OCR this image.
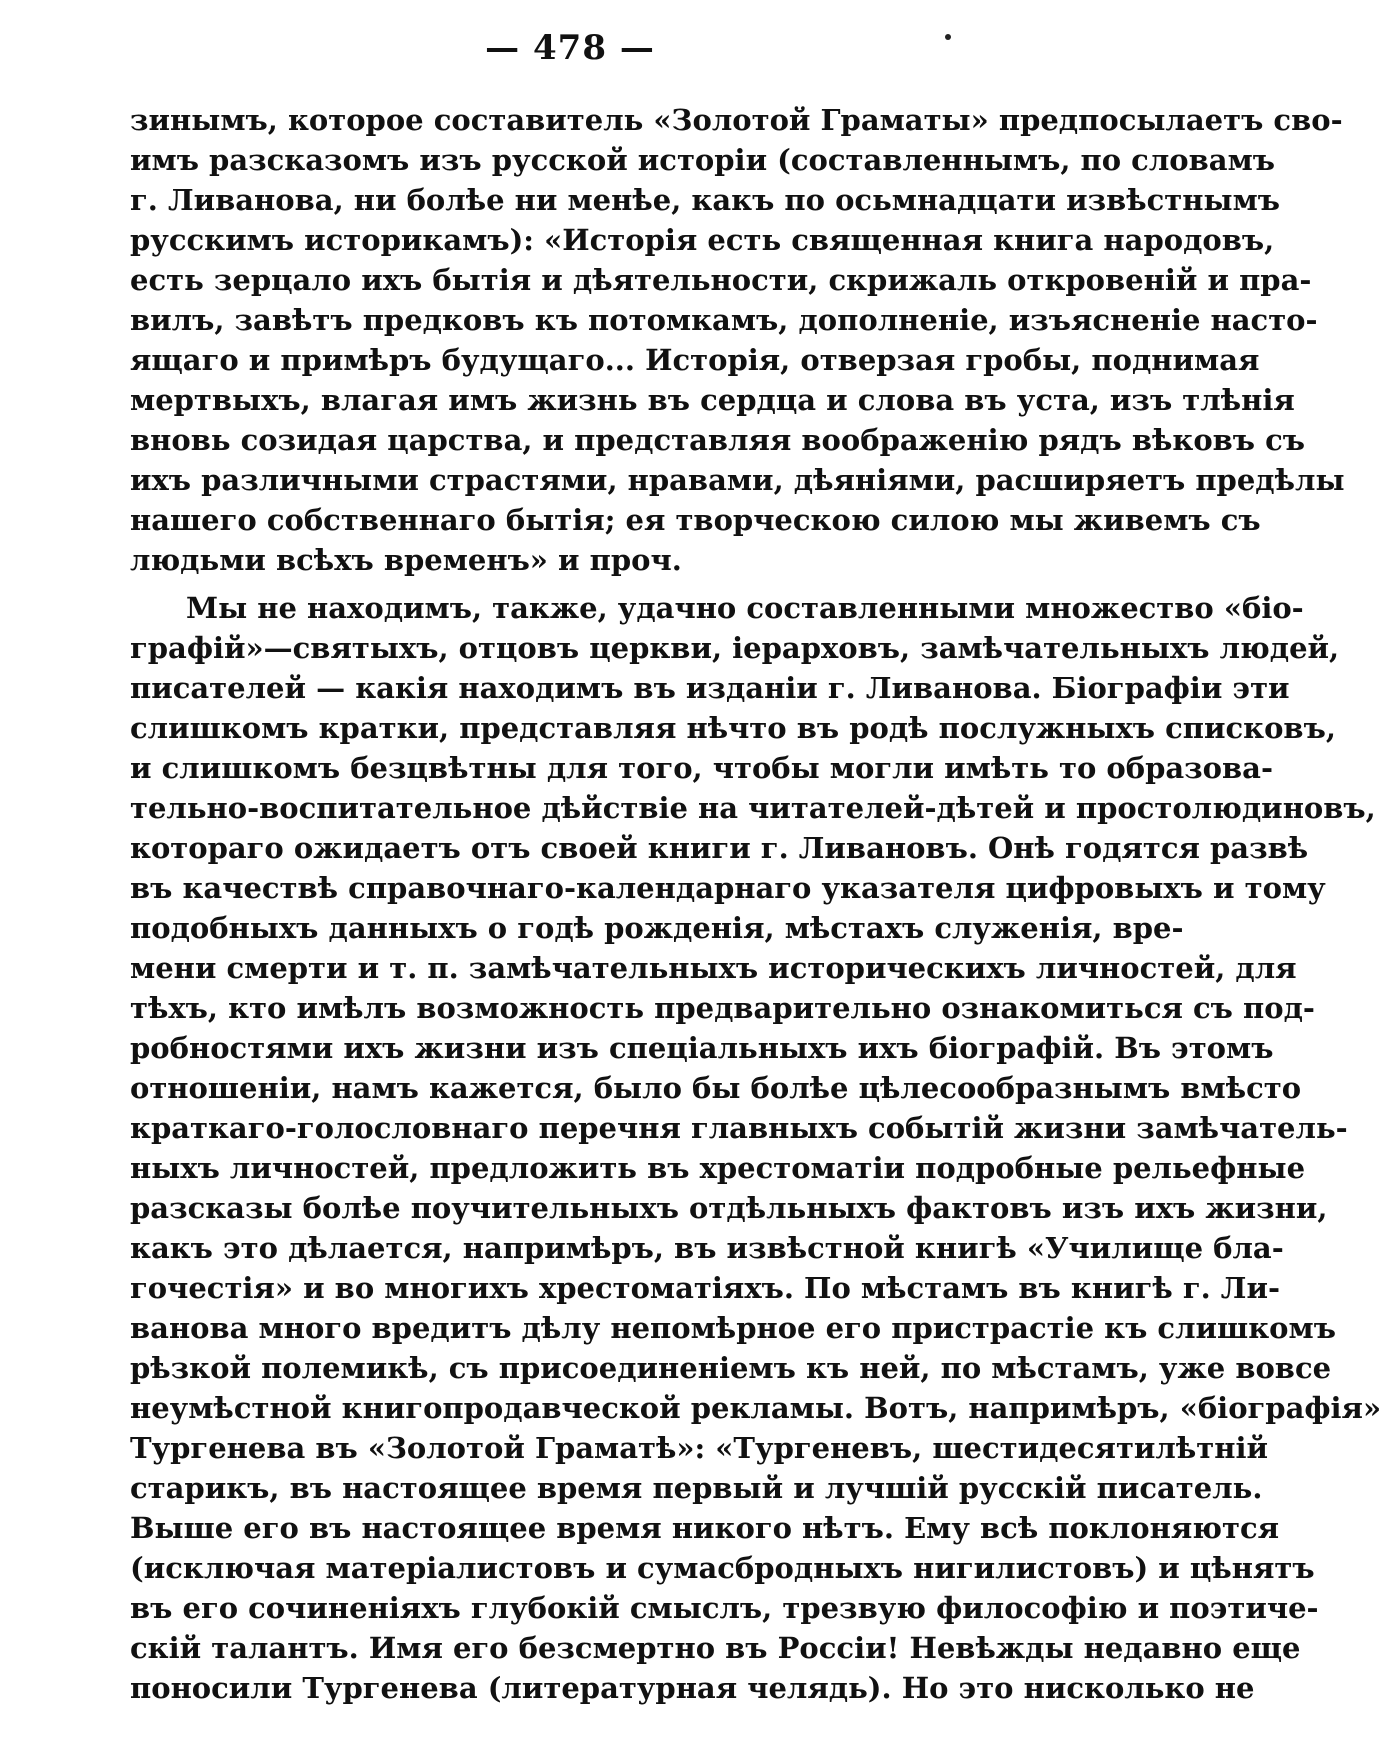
— 478 —
зинымъ, которое составитель «Золотой Граматы» предпосылаетъ сво-
имъ разсказомъ изъ русской исторіи (составленнымъ, по словамъ
г. Ливанова, ни болѣе ни менѣе, какъ по осьмнадцати извѣстнымъ
русскимъ историкамъ): «Исторія есть священная книга народовъ,
есть зерцало ихъ бытія и дѣятельности, скрижаль откровеній и пра-
вилъ, завѣтъ предковъ къ потомкамъ, дополненіе, изъясненіе насто-
ящаго и примѣръ будущаго... Исторія, отверзая гробы, поднимая
мертвыхъ, влагая имъ жизнь въ сердца и слова въ уста, изъ тлѣнія
вновь созидая царства, и представляя воображенію рядъ вѣковъ съ
ихъ различными страстями, нравами, дѣяніями, расширяетъ предѣлы
нашего собственнаго бытія; ея творческою силою мы живемъ съ
людьми всѣхъ временъ» и проч.
Мы не находимъ, также, удачно составленными множество «біо-
графій»—святыхъ, отцовъ церкви, іерарховъ, замѣчательныхъ людей,
писателей — какія находимъ въ изданіи г. Ливанова. Біографіи эти
слишкомъ кратки, представляя нѣчто въ родѣ послужныхъ списковъ,
и слишкомъ безцвѣтны для того, чтобы могли имѣть то образова-
тельно-воспитательное дѣйствіе на читателей-дѣтей и простолюдиновъ,
котораго ожидаетъ отъ своей книги г. Ливановъ. Онѣ годятся развѣ
въ качествѣ справочнаго-календарнаго указателя цифровыхъ и тому
подобныхъ данныхъ о годѣ рожденія, мѣстахъ служенія, вре-
мени смерти и т. п. замѣчательныхъ историческихъ личностей, для
тѣхъ, кто имѣлъ возможность предварительно ознакомиться съ под-
робностями ихъ жизни изъ спеціальныхъ ихъ біографій. Въ этомъ
отношеніи, намъ кажется, было бы болѣе цѣлесообразнымъ вмѣсто
краткаго-голословнаго перечня главныхъ событій жизни замѣчатель-
ныхъ личностей, предложить въ хрестоматіи подробные рельефные
разсказы болѣе поучительныхъ отдѣльныхъ фактовъ изъ ихъ жизни,
какъ это дѣлается, напримѣръ, въ извѣстной книгѣ «Училище бла-
гочестія» и во многихъ хрестоматіяхъ. По мѣстамъ въ книгѣ г. Ли-
ванова много вредитъ дѣлу непомѣрное его пристрастіе къ слишкомъ
рѣзкой полемикѣ, съ присоединеніемъ къ ней, по мѣстамъ, уже вовсе
неумѣстной книгопродавческой рекламы. Вотъ, напримѣръ, «біографія»
Тургенева въ «Золотой Граматѣ»: «Тургеневъ, шестидесятилѣтній
старикъ, въ настоящее время первый и лучшій русскій писатель.
Выше его въ настоящее время никого нѣтъ. Ему всѣ поклоняются
(исключая матеріалистовъ и сумасбродныхъ нигилистовъ) и цѣнятъ
въ его сочиненіяхъ глубокій смыслъ, трезвую философію и поэтиче-
скій талантъ. Имя его безсмертно въ Россіи! Невѣжды недавно еще
поносили Тургенева (литературная челядь). Но это нисколько не
